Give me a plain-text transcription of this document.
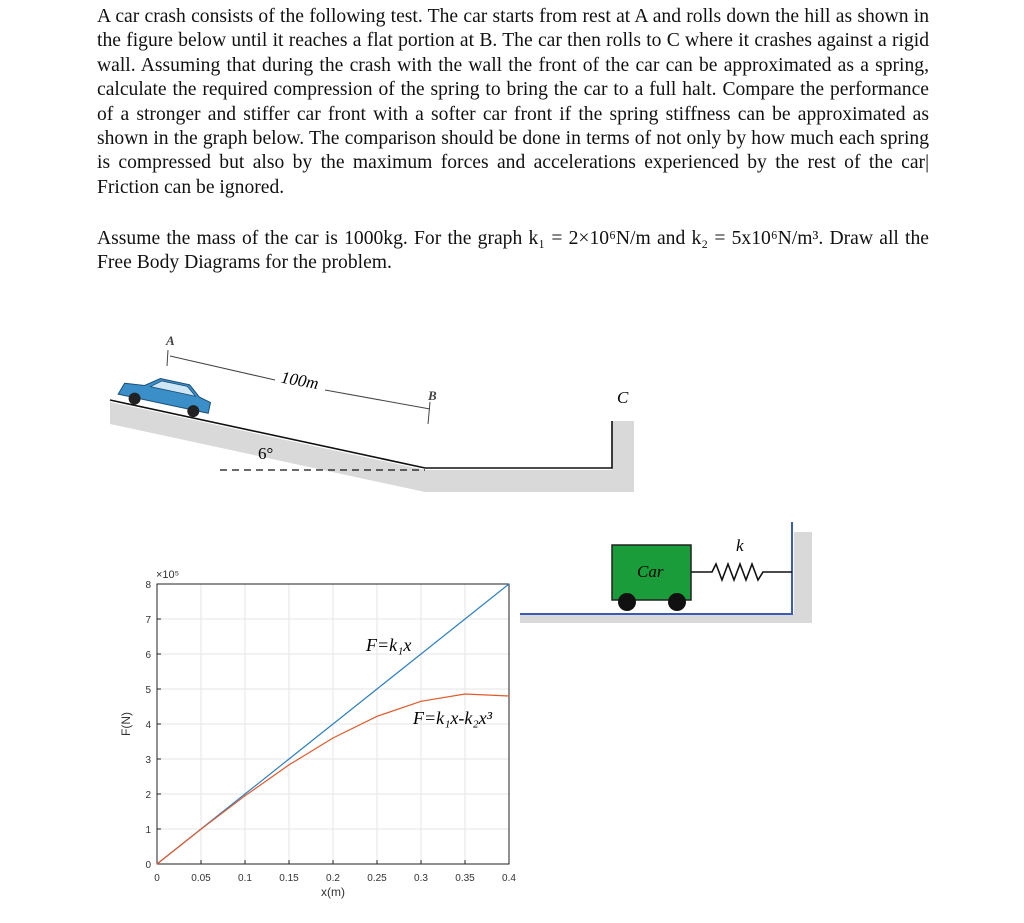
A car crash consists of the following test. The car starts from rest at A and rolls down the hill as shown in the figure below until it reaches a flat portion at B. The car then rolls to C where it crashes against a rigid wall. Assuming that during the crash with the wall the front of the car can be approximated as a spring, calculate the required compression of the spring to bring the car to a full halt. Compare the performance of a stronger and stiffer car front with a softer car front if the spring stiffness can be approximated as shown in the graph below. The comparison should be done in terms of not only by how much each spring is compressed but also by the maximum forces and accelerations experienced by the rest of the car| Friction can be ignored.
Assume the mass of the car is 1000kg. For the graph k₁ = 2×10⁶N/m and k₂ = 5x10⁶N/m³. Draw all the Free Body Diagrams for the problem.
A
B	C
100m
6°
Car
k
0	0.05	0.1	0.15	0.2	0.25	0.3	0.35	0.4
0
1
2
3
4
5
6
7
8
×10⁵
x(m)
F(N)
F=k₁x
F=k₁x-k₂x³
